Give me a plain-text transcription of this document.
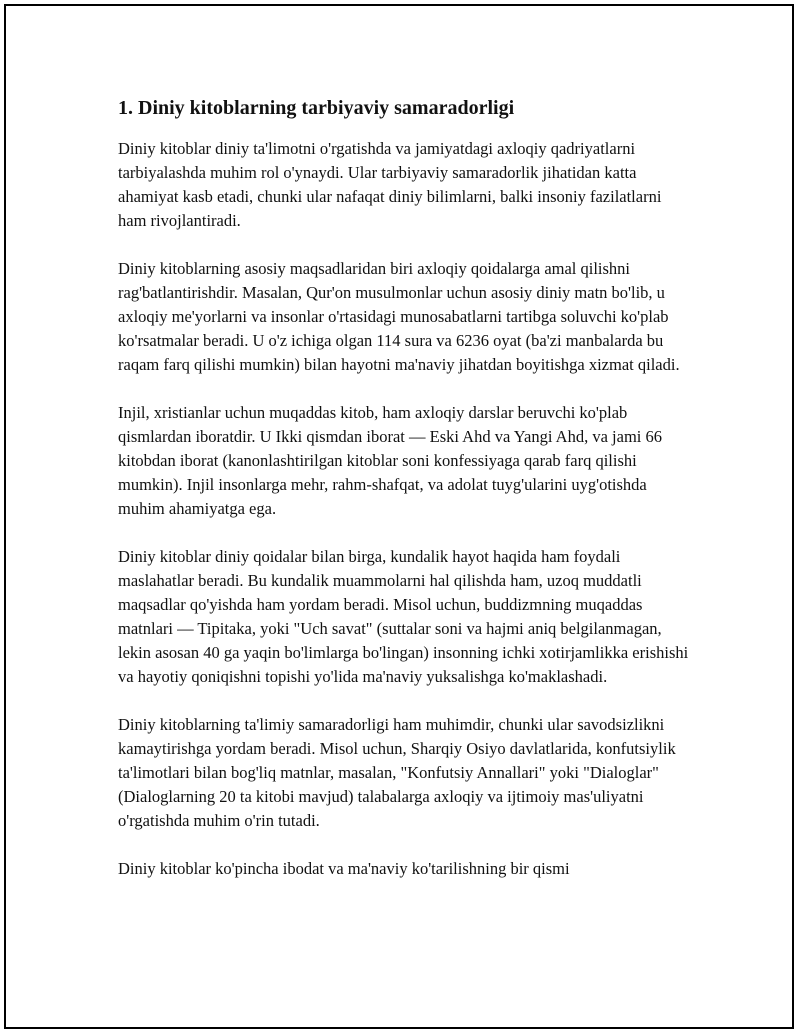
1. Diniy kitoblarning tarbiyaviy samaradorligi

Diniy kitoblar diniy ta'limotni o'rgatishda va jamiyatdagi axloqiy qadriyatlarni tarbiyalashda muhim rol o'ynaydi. Ular tarbiyaviy samaradorlik jihatidan katta ahamiyat kasb etadi, chunki ular nafaqat diniy bilimlarni, balki insoniy fazilatlarni ham rivojlantiradi.

Diniy kitoblarning asosiy maqsadlaridan biri axloqiy qoidalarga amal qilishni rag'batlantirishdir. Masalan, Qur'on musulmonlar uchun asosiy diniy matn bo'lib, u axloqiy me'yorlarni va insonlar o'rtasidagi munosabatlarni tartibga soluvchi ko'plab ko'rsatmalar beradi. U o'z ichiga olgan 114 sura va 6236 oyat (ba'zi manbalarda bu raqam farq qilishi mumkin) bilan hayotni ma'naviy jihatdan boyitishga xizmat qiladi.

Injil, xristianlar uchun muqaddas kitob, ham axloqiy darslar beruvchi ko'plab qismlardan iboratdir. U Ikki qismdan iborat — Eski Ahd va Yangi Ahd, va jami 66 kitobdan iborat (kanonlashtirilgan kitoblar soni konfessiyaga qarab farq qilishi mumkin). Injil insonlarga mehr, rahm-shafqat, va adolat tuyg'ularini uyg'otishda muhim ahamiyatga ega.

Diniy kitoblar diniy qoidalar bilan birga, kundalik hayot haqida ham foydali maslahatlar beradi. Bu kundalik muammolarni hal qilishda ham, uzoq muddatli maqsadlar qo'yishda ham yordam beradi. Misol uchun, buddizmning muqaddas matnlari — Tipitaka, yoki "Uch savat" (suttalar soni va hajmi aniq belgilanmagan, lekin asosan 40 ga yaqin bo'limlarga bo'lingan) insonning ichki xotirjamlikka erishishi va hayotiy qoniqishni topishi yo'lida ma'naviy yuksalishga ko'maklashadi.

Diniy kitoblarning ta'limiy samaradorligi ham muhimdir, chunki ular savodsizlikni kamaytirishga yordam beradi. Misol uchun, Sharqiy Osiyo davlatlarida, konfutsiylik ta'limotlari bilan bog'liq matnlar, masalan, "Konfutsiy Annallari" yoki "Dialoglar" (Dialoglarning 20 ta kitobi mavjud) talabalarga axloqiy va ijtimoiy mas'uliyatni o'rgatishda muhim o'rin tutadi.

Diniy kitoblar ko'pincha ibodat va ma'naviy ko'tarilishning bir qismi
